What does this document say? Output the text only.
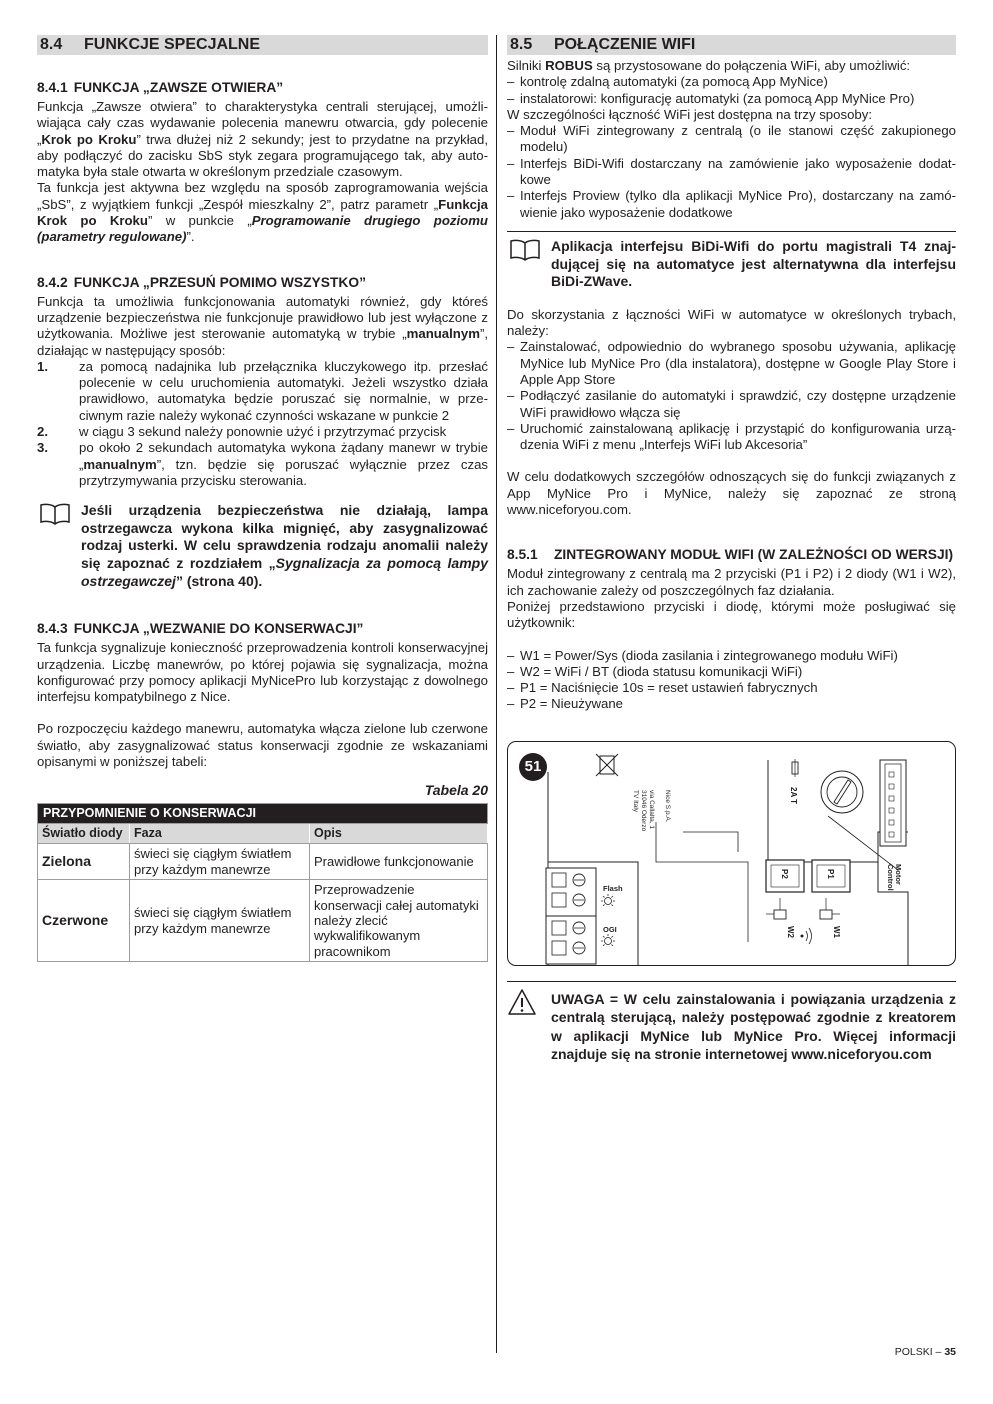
8.4 FUNKCJE SPECJALNE
8.4.1 FUNKCJA „ZAWSZE OTWIERA”

Funkcja „Zawsze otwiera” to charakterystyka centrali sterującej, umożliwiająca cały czas wydawanie polecenia manewru otwarcia, gdy polecenie „Krok po Kroku” trwa dłużej niż 2 sekundy; jest to przydatne na przykład, aby podłączyć do zacisku SbS styk zegara programującego tak, aby automatyka była stale otwarta w określonym przedziale czasowym.

Ta funkcja jest aktywna bez względu na sposób zaprogramowania wejścia „SbS”, z wyjątkiem funkcji „Zespół mieszkalny 2”, patrz parametr „Funkcja Krok po Kroku” w punkcie „Programowanie drugiego poziomu (parametry regulowane)”.

8.4.2 FUNKCJA „PRZESUŃ POMIMO WSZYSTKO”

Funkcja ta umożliwia funkcjonowania automatyki również, gdy któreś urządzenie bezpieczeństwa nie funkcjonuje prawidłowo lub jest wyłączone z użytkowania. Możliwe jest sterowanie automatyką w trybie „manualnym”, działając w następujący sposób:

1. za pomocą nadajnika lub przełącznika kluczykowego itp. przesłać polecenie w celu uruchomienia automatyki. Jeżeli wszystko działa prawidłowo, automatyka będzie poruszać się normalnie, w przeciwnym razie należy wykonać czynności wskazane w punkcie 2
2. w ciągu 3 sekund należy ponownie użyć i przytrzymać przycisk
3. po około 2 sekundach automatyka wykona żądany manewr w trybie „manualnym”, tzn. będzie się poruszać wyłącznie przez czas przytrzymywania przycisku sterowania.
Jeśli urządzenia bezpieczeństwa nie działają, lampa ostrzegawcza wykona kilka mignięć, aby zasygnalizować rodzaj usterki. W celu sprawdzenia rodzaju anomalii należy się zapoznać z rozdziałem „Sygnalizacja za pomocą lampy ostrzegawczej” (strona 40).
8.4.3 FUNKCJA „WEZWANIE DO KONSERWACJI”

Ta funkcja sygnalizuje konieczność przeprowadzenia kontroli konserwacyjnej urządzenia. Liczbę manewrów, po której pojawia się sygnalizacja, można konfigurować przy pomocy aplikacji MyNicePro lub korzystając z dowolnego interfejsu kompatybilnego z Nice.

Po rozpoczęciu każdego manewru, automatyka włącza zielone lub czerwone światło, aby zasygnalizować status konserwacji zgodnie ze wskazaniami opisanymi w poniższej tabeli:

Tabela 20
PRZYPOMNIENIE O KONSERWACJI		
Światło diody	Faza	Opis
Zielona	świeci się ciągłym światłem przy każdym manewrze	Prawidłowe funkcjonowanie
Czerwone	świeci się ciągłym światłem przy każdym manewrze	Przeprowadzenie konserwacji całej automatyki należy zlecić wykwalifikowanym pracownikom
8.5 POŁĄCZENIE WIFI

Silniki ROBUS są przystosowane do połączenia WiFi, aby umożliwić:

– kontrolę zdalną automatyki (za pomocą App MyNice)
– instalatorowi: konfigurację automatyki (za pomocą App MyNice Pro)

W szczególności łączność WiFi jest dostępna na trzy sposoby:

– Moduł WiFi zintegrowany z centralą (o ile stanowi część zakupionego modelu)
– Interfejs BiDi-Wifi dostarczany na zamówienie jako wyposażenie dodatkowe
– Interfejs Proview (tylko dla aplikacji MyNice Pro), dostarczany na zamówienie jako wyposażenie dodatkowe
Aplikacja interfejsu BiDi-Wifi do portu magistrali T4 znajdującej się na automatyce jest alternatywna dla interfejsu BiDi-ZWave.

Do skorzystania z łączności WiFi w automatyce w określonych trybach, należy:

– Zainstalować, odpowiednio do wybranego sposobu używania, aplikację MyNice lub MyNice Pro (dla instalatora), dostępne w Google Play Store i Apple App Store
– Podłączyć zasilanie do automatyki i sprawdzić, czy dostępne urządzenie WiFi prawidłowo włącza się
– Uruchomić zainstalowaną aplikację i przystąpić do konfigurowania urządzenia WiFi z menu „Interfejs WiFi lub Akcesoria”

W celu dodatkowych szczegółów odnoszących się do funkcji związanych z App MyNice Pro i MyNice, należy się zapoznać ze stroną www.niceforyou.com.

8.5.1 ZINTEGROWANY MODUŁ WIFI (W ZALEŻNOŚCI OD WERSJI)

Moduł zintegrowany z centralą ma 2 przyciski (P1 i P2) i 2 diody (W1 i W2), ich zachowanie zależy od poszczególnych faz działania.

Poniżej przedstawiono przyciski i diodę, którymi może posługiwać się użytkownik:

– W1 = Power/Sys (dioda zasilania i zintegrowanego modułu WiFi)
– W2 = WiFi / BT (dioda statusu komunikacji WiFi)
– P1 = Naciśnięcie 10s = reset ustawień fabrycznych
– P2 = Nieużywane
51
TV Italy 31046 Oderzo via Callalta, 1 Nice S.p.A.
Flash
OGI
2A T
P2	P1
W2	W1
Motor
Control
UWAGA = W celu zainstalowania i powiązania urządzenia z centralą sterującą, należy postępować zgodnie z kreatorem w aplikacji MyNice lub MyNice Pro. Więcej informacji znajduje się na stronie internetowej www.niceforyou.com
POLSKI – 35
